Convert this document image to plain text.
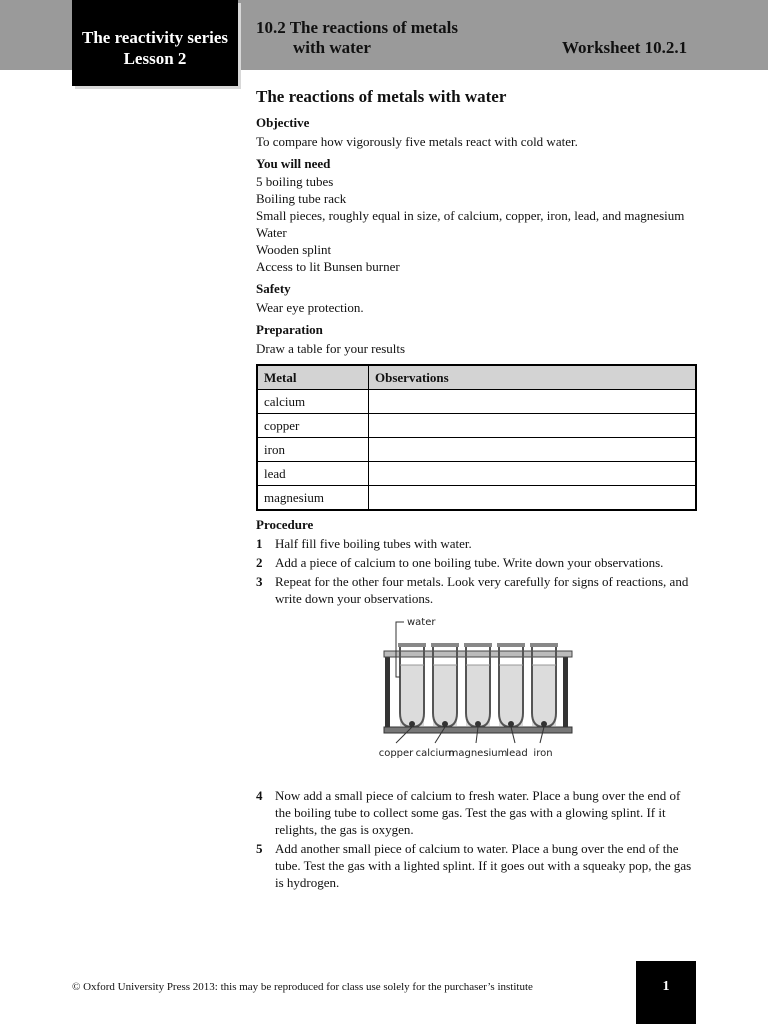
The reactivity series
Lesson 2
10.2 The reactions of metals
with water	Worksheet 10.2.1
The reactions of metals with water

Objective

To compare how vigorously five metals react with cold water.

You will need

5 boiling tubes
Boiling tube rack
Small pieces, roughly equal in size, of calcium, copper, iron, lead, and magnesium
Water
Wooden splint
Access to lit Bunsen burner

Safety

Wear eye protection.

Preparation

Draw a table for your results

Metal	Observations
calcium	
copper	
iron	
lead	
magnesium	

Procedure

1 Half fill five boiling tubes with water.
2 Add a piece of calcium to one boiling tube. Write down your observations.
3 Repeat for the other four metals. Look very carefully for signs of reactions, and write down your observations.
water
copper calcium
magnesium
lead iron
4 Now add a small piece of calcium to fresh water. Place a bung over the end of the boiling tube to collect some gas. Test the gas with a glowing splint. If it relights, the gas is oxygen.
5 Add another small piece of calcium to water. Place a bung over the end of the tube. Test the gas with a lighted splint. If it goes out with a squeaky pop, the gas is hydrogen.
© Oxford University Press 2013: this may be reproduced for class use solely for the purchaser’s institute	1
